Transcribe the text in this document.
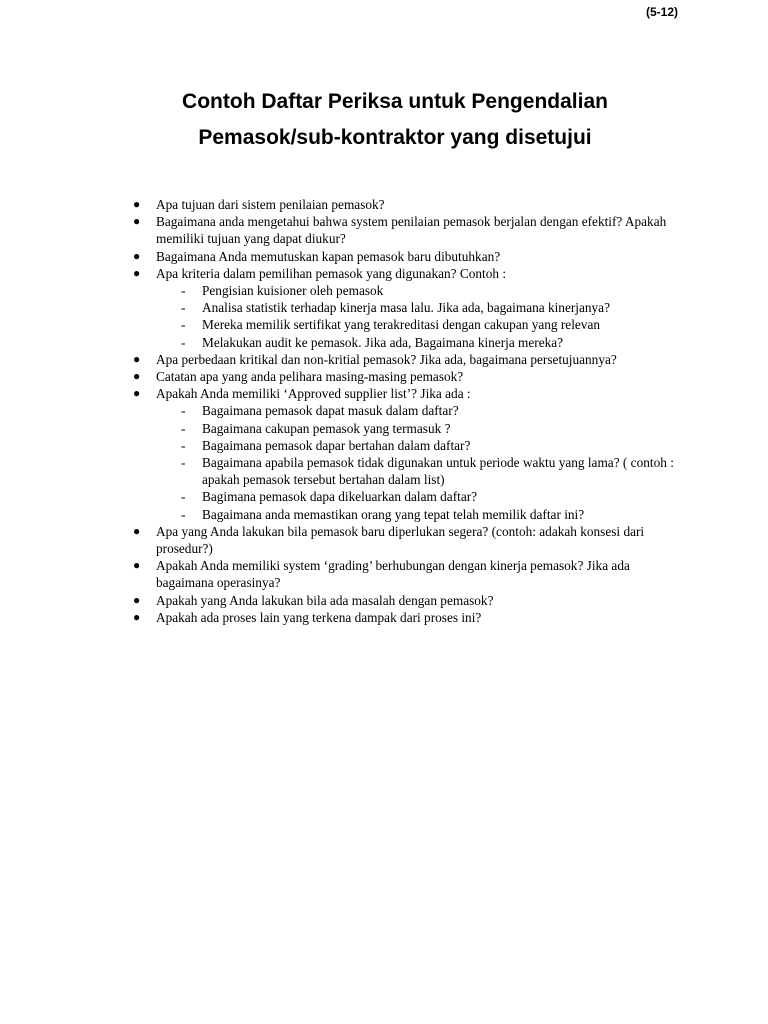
(5-12)
Contoh Daftar Periksa untuk Pengendalian
Pemasok/sub-kontraktor yang disetujui
● Apa tujuan dari sistem penilaian pemasok?
● Bagaimana anda mengetahui bahwa system penilaian pemasok berjalan dengan efektif? Apakah memiliki tujuan yang dapat diukur?
● Bagaimana Anda memutuskan kapan pemasok baru dibutuhkan?
● Apa kriteria dalam pemilihan pemasok yang digunakan? Contoh :
- Pengisian kuisioner oleh pemasok
- Analisa statistik terhadap kinerja masa lalu. Jika ada, bagaimana kinerjanya?
- Mereka memilik sertifikat yang terakreditasi dengan cakupan yang relevan
- Melakukan audit ke pemasok. Jika ada, Bagaimana kinerja mereka?
● Apa perbedaan kritikal dan non-kritial pemasok? Jika ada, bagaimana persetujuannya?
● Catatan apa yang anda pelihara masing-masing pemasok?
● Apakah Anda memiliki ‘Approved supplier list’? Jika ada :
- Bagaimana pemasok dapat masuk dalam daftar?
- Bagaimana cakupan pemasok yang termasuk ?
- Bagaimana pemasok dapar bertahan dalam daftar?
- Bagaimana apabila pemasok tidak digunakan untuk periode waktu yang lama? ( contoh : apakah pemasok tersebut bertahan dalam list)
- Bagimana pemasok dapa dikeluarkan dalam daftar?
- Bagaimana anda memastikan orang yang tepat telah memilik daftar ini?
● Apa yang Anda lakukan bila pemasok baru diperlukan segera? (contoh: adakah konsesi dari prosedur?)
● Apakah Anda memiliki system ‘grading’ berhubungan dengan kinerja pemasok? Jika ada bagaimana operasinya?
● Apakah yang Anda lakukan bila ada masalah dengan pemasok?
● Apakah ada proses lain yang terkena dampak dari proses ini?
